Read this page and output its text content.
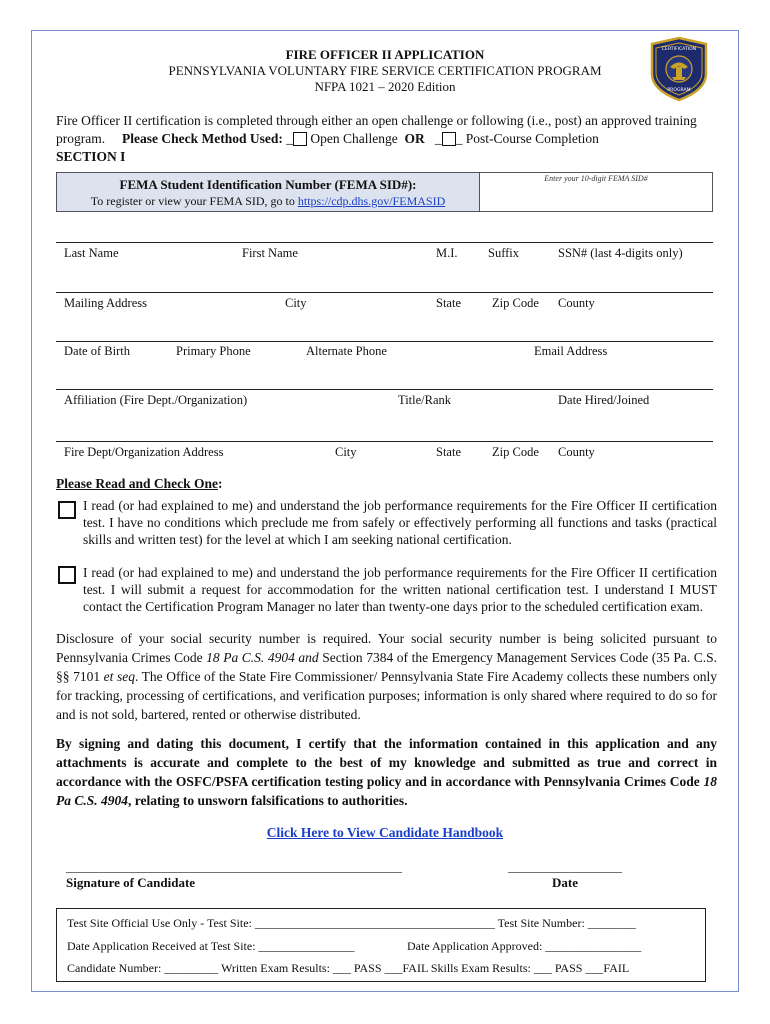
FIRE OFFICER II APPLICATION
PENNSYLVANIA VOLUNTARY FIRE SERVICE CERTIFICATION PROGRAM
NFPA 1021 – 2020 Edition
CERTIFICATION
PROGRAM
Fire Officer II certification is completed through either an open challenge or following (i.e., post) an approved training
program. Please Check Method Used: _ Open Challenge OR _ _ Post-Course Completion
SECTION I
FEMA Student Identification Number (FEMA SID#):
To register or view your FEMA SID, go to https://cdp.dhs.gov/FEMASID
Enter your 10-digit FEMA SID#
Last Name	First Name	M.I. Suffix	SSN# (last 4-digits only)
Mailing Address	City	State Zip Code County
Date of Birth	Primary Phone	Alternate Phone	Email Address
Affiliation (Fire Dept./Organization)	Title/Rank	Date Hired/Joined
Fire Dept/Organization Address	City	State Zip Code County
Please Read and Check One:
I read (or had explained to me) and understand the job performance requirements for the Fire Officer II certification test. I have no conditions which preclude me from safely or effectively performing all functions and tasks (practical skills and written test) for the level at which I am seeking national certification.
I read (or had explained to me) and understand the job performance requirements for the Fire Officer II certification test. I will submit a request for accommodation for the written national certification test. I understand I MUST contact the Certification Program Manager no later than twenty-one days prior to the scheduled certification exam.
Disclosure of your social security number is required. Your social security number is being solicited pursuant to Pennsylvania Crimes Code 18 Pa C.S. 4904 and Section 7384 of the Emergency Management Services Code (35 Pa. C.S. §§ 7101 et seq. The Office of the State Fire Commissioner/ Pennsylvania State Fire Academy collects these numbers only for tracking, processing of certifications, and verification purposes; information is only shared where required to do so for and is not sold, bartered, rented or otherwise distributed.
By signing and dating this document, I certify that the information contained in this application and any attachments is accurate and complete to the best of my knowledge and submitted as true and correct in accordance with the OSFC/PSFA certification testing policy and in accordance with Pennsylvania Crimes Code 18 Pa C.S. 4904, relating to unsworn falsifications to authorities.
Click Here to View Candidate Handbook
________________________________________________________	___________________
Signature of Candidate	Date
Test Site Official Use Only - Test Site: ________________________________________ Test Site Number: ________
Date Application Received at Test Site: ________________	Date Application Approved: ________________
Candidate Number: _________ Written Exam Results: ___ PASS ___FAIL Skills Exam Results: ___ PASS ___FAIL
